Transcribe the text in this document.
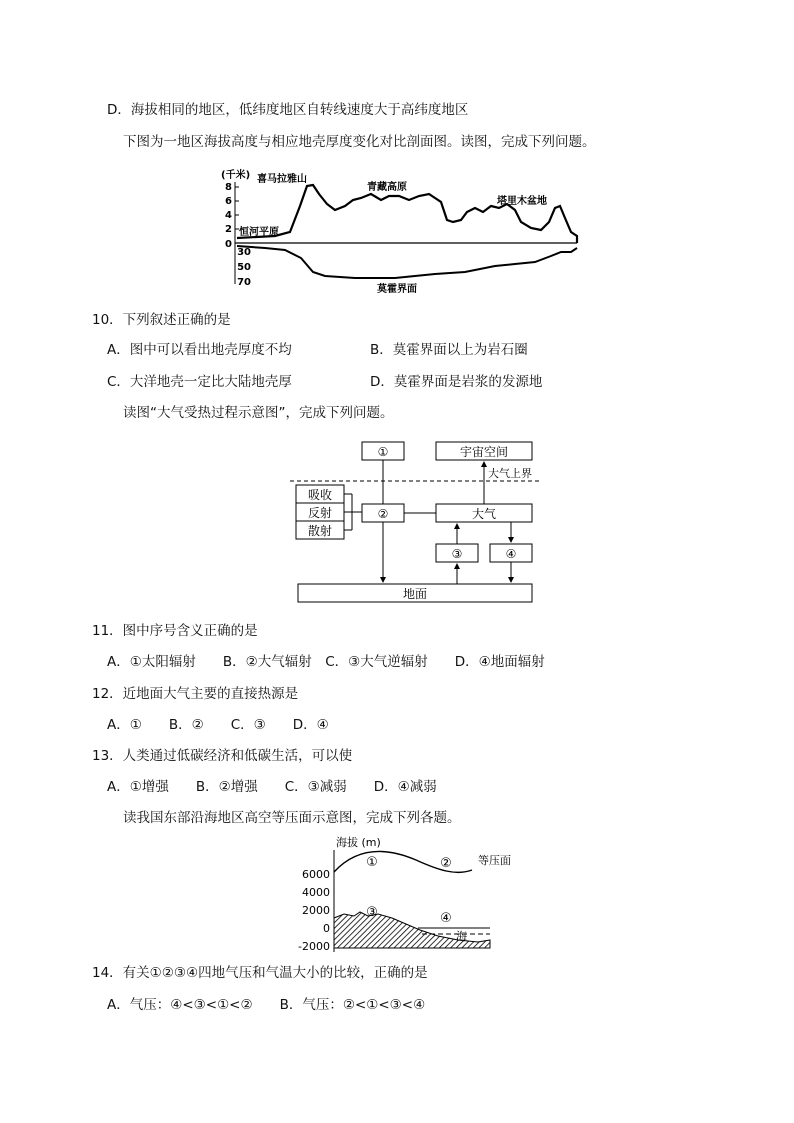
D．海拔相同的地区，低纬度地区自转线速度大于高纬度地区
下图为一地区海拔高度与相应地壳厚度变化对比剖面图。读图，完成下列问题。
(千米)
8
6
4
2
0
30
50
70
喜马拉雅山
青藏高原
塔里木盆地
恒河平原
莫霍界面
10．下列叙述正确的是
A．图中可以看出地壳厚度不均	B．莫霍界面以上为岩石圈
C．大洋地壳一定比大陆地壳厚	D．莫霍界面是岩浆的发源地
读图“大气受热过程示意图”，完成下列问题。
①	宇宙空间
吸收
反射
散射
②	大气
③	④
地面
大气上界
11．图中序号含义正确的是
A．①太阳辐射　　B．②大气辐射　C．③大气逆辐射　　D．④地面辐射
12．近地面大气主要的直接热源是
A．①　　B．②　　C．③　　D．④
13．人类通过低碳经济和低碳生活，可以使
A．①增强　　B．②增强　　C．③减弱　　D．④减弱
读我国东部沿海地区高空等压面示意图，完成下列各题。
海拔 (m)
6000
4000
2000
0
-2000
①	②
③	④
等压面
海
14．有关①②③④四地气压和气温大小的比较，正确的是
A．气压：④<③<①<②　　B．气压：②<①<③<④
